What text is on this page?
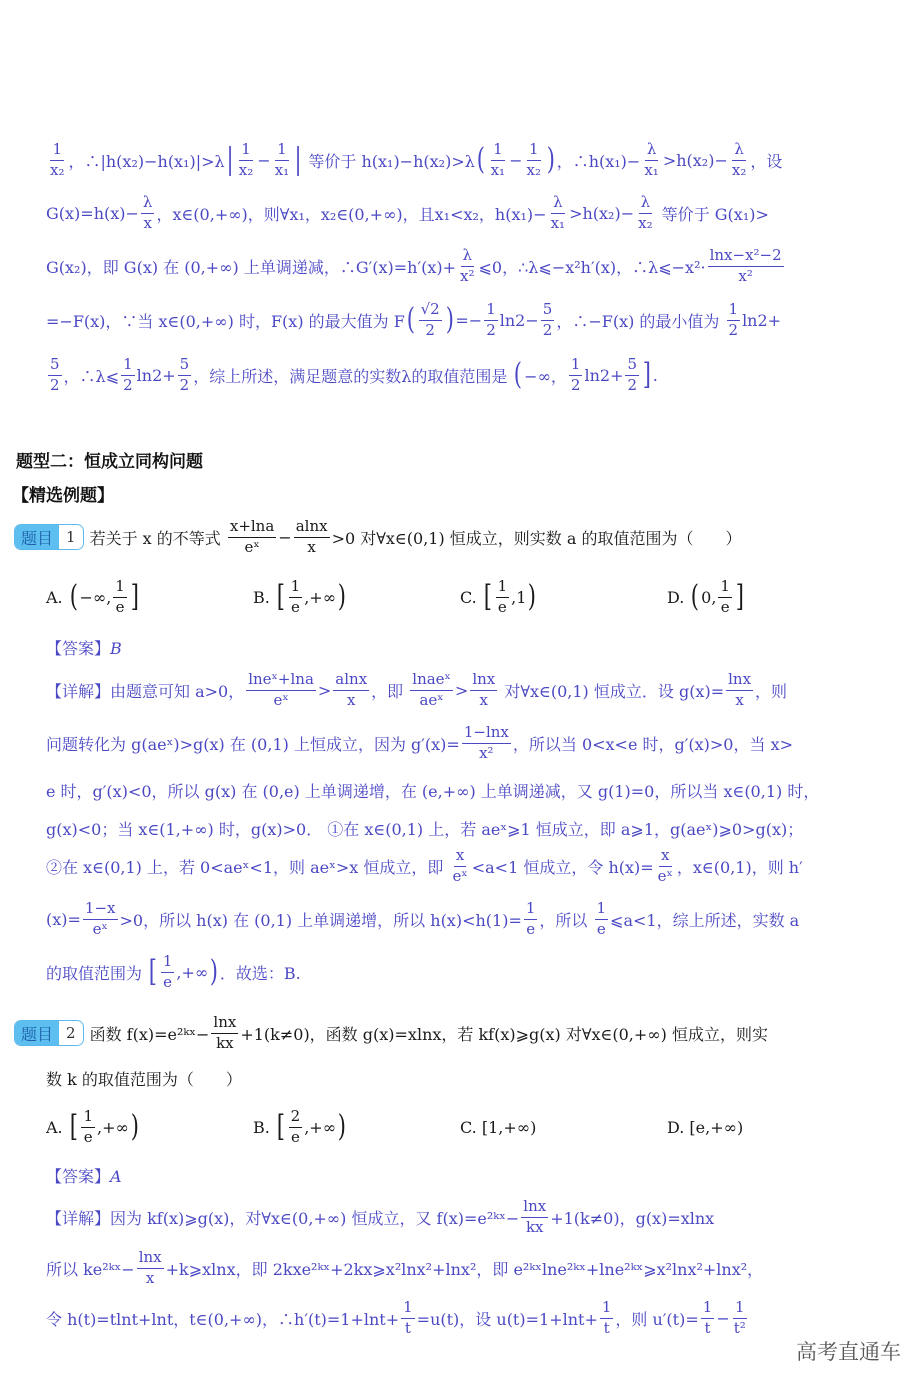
$\frac{1}{\text{x₂}}$ ，∴|h(x₂)−h(x₁)|>λ | $\frac{1}{\text{x₂}} - \frac{1}{\text{x₁}}$ | 等价于 h(x₁)−h(x₂)>λ ( $\frac{1}{\text{x₁}} - \frac{1}{\text{x₂}}$ ) ，∴h(x₁)− $\frac{\lambda}{\text{x₁}} >h(x_2)- \frac{\lambda}{\text{x₂}}$ ，设
$G(x)=h(x)- \frac{\lambda}{x}$ ，x∈(0,+∞)，则∀x₁，x₂∈(0,+∞)，且x₁<x₂，$h(x_1)- \frac{\lambda}{\text{x₁}} >h(x_2)- \frac{\lambda}{\text{x₂}}$ 等价于 G(x₁)>
G(x₂)，即 G(x) 在 (0,+∞) 上单调递减，∴G′(x)=h′(x)+ $\frac{\lambda}{\text{x²}}$ ⩽0，∴λ⩽−x²h′(x)，∴λ⩽−x²· $\frac{\text{lnx−x²−2}}{\text{x²}}$
=−F(x)，∵当 x∈(0,+∞) 时，F(x) 的最大值为 F ( $\frac{√2}{2}$ ) =− $\frac{1}{2} \ln 2- \frac{5}{2}$ ，∴−F(x) 的最小值为 $\frac{1}{2} \ln 2+$
$\frac{5}{2}$ ，∴λ⩽ $\frac{1}{2} \ln 2+ \frac{5}{2}$ ，综上所述，满足题意的实数λ的取值范围是 ( −∞， $\frac{1}{2} \ln 2+ \frac{5}{2}$ ] .
题型二：恒成立同构问题
【精选例题】
题目 1 若关于 x 的不等式 $\frac{x+\ln a}{\text{eˣ}} - \frac{alnx}{x} >0$ 对∀x∈(0,1) 恒成立，则实数 a 的取值范围为（　　）
A. ( −∞, $\frac{1}{e}$ ]	B. [ $\frac{1}{e}$ ,+∞ )	C. [ $\frac{1}{e} ,1$ )	D. ( 0, $\frac{1}{e}$ ]
【答案】B
【详解】由题意可知 a>0， $\frac{\text{lneˣ+lna}}{\text{eˣ}} > \frac{alnx}{x}$ ，即 $\frac{\text{lnaeˣ}}{\text{aeˣ}} > \frac{\ln x}{x}$ 对∀x∈(0,1) 恒成立．设 $g(x)= \frac{\ln x}{x}$ ，则
问题转化为 g(aeˣ)>g(x) 在 (0,1) 上恒成立，因为 $g'(x)= \frac{1-\ln x}{\text{x²}}$ ，所以当 0<x<e 时，g′(x)>0，当 x>
e 时，g′(x)<0，所以 g(x) 在 (0,e) 上单调递增，在 (e,+∞) 上单调递减，又 g(1)=0，所以当 x∈(0,1) 时，
g(x)<0；当 x∈(1,+∞) 时，g(x)>0． ①在 x∈(0,1) 上，若 aeˣ⩾1 恒成立，即 a⩾1，g(aeˣ)⩾0>g(x)；
②在 x∈(0,1) 上，若 0<aeˣ<1，则 aeˣ>x 恒成立，即 $\frac{x}{\text{eˣ}} <a<1$ 恒成立，令 $h(x)= \frac{x}{\text{eˣ}}$ ，x∈(0,1)，则 h′
$(x)= \frac{1-x}{\text{eˣ}} >0$，所以 h(x) 在 (0,1) 上单调递增，所以 $h(x)<h(1)= \frac{1}{e}$ ，所以 $\frac{1}{e}$ ⩽a<1，综上所述，实数 a
的取值范围为 [ $\frac{1}{e}$ ,+∞ ) ．故选：B.
题目 2 函数 f(x)=e²ᵏˣ− $\frac{\ln x}{kx} +1(k\ne 0)$，函数 g(x)=xlnx，若 kf(x)⩾g(x) 对∀x∈(0,+∞) 恒成立，则实
数 k 的取值范围为（　　）
A. [ $\frac{1}{e}$ ,+∞ )	B. [ $\frac{2}{e}$ ,+∞ )	C. [1,+∞)	D. [e,+∞)
【答案】A
【详解】因为 kf(x)⩾g(x)，对∀x∈(0,+∞) 恒成立，又 f(x)=e²ᵏˣ− $\frac{\ln x}{kx} +1(k\ne 0)$，g(x)=xlnx
所以 ke²ᵏˣ− $\frac{\ln x}{x}$ +k⩾xlnx，即 2kxe²ᵏˣ+2kx⩾x²lnx²+lnx²，即 e²ᵏˣlne²ᵏˣ+lne²ᵏˣ⩾x²lnx²+lnx²，
令 h(t)=tlnt+lnt，t∈(0,+∞)，∴h′(t)=1+lnt+ $\frac{1}{t} =u(t)$，设 $u(t)=1+\ln t+ \frac{1}{t}$ ，则 $u'(t)= \frac{1}{t} - \frac{1}{\text{t²}}$
高考直通车
